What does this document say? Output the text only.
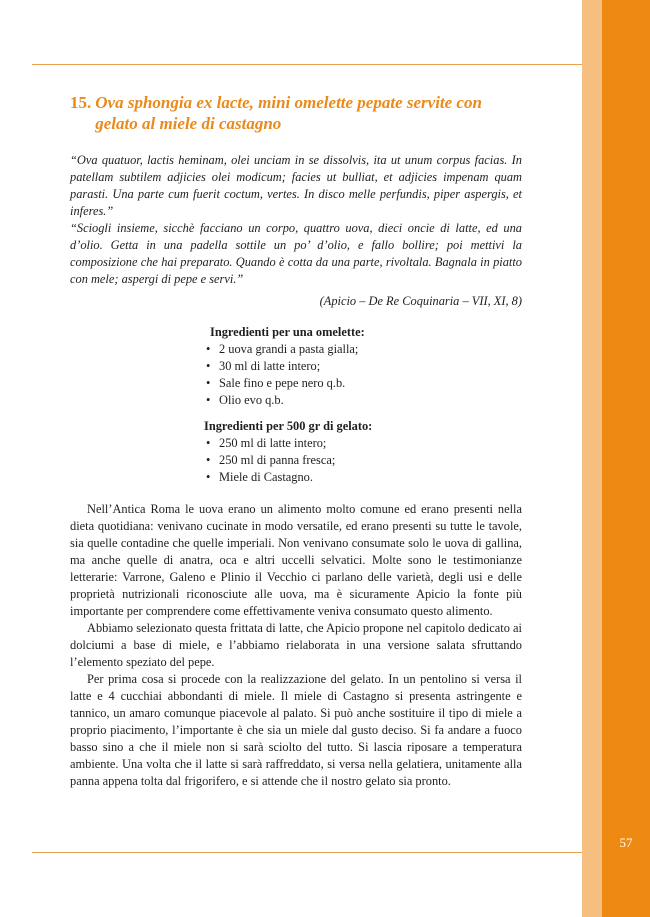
57
15. Ova sphongia ex lacte, mini omelette pepate servite con gelato al miele di castagno

“Ova quatuor, lactis heminam, olei unciam in se dissolvis, ita ut unum corpus facias. In patellam subtilem adjicies olei modicum; facies ut bulliat, et adjicies impenam quam parasti. Una parte cum fuerit coctum, vertes. In disco melle perfundis, piper aspergis, et inferes.”

“Sciogli insieme, sicchè facciano un corpo, quattro uova, dieci oncie di latte, ed una d’olio. Getta in una padella sottile un po’ d’olio, e fallo bollire; poi mettivi la composizione che hai preparato. Quando è cotta da una parte, rivoltala. Bagnala in piatto con mele; aspergi di pepe e servi.”

(Apicio – De Re Coquinaria – VII, XI, 8)
Ingredienti per una omelette:
• 2 uova grandi a pasta gialla;
• 30 ml di latte intero;
• Sale fino e pepe nero q.b.
• Olio evo q.b.
Ingredienti per 500 gr di gelato:
• 250 ml di latte intero;
• 250 ml di panna fresca;
• Miele di Castagno.

Nell’Antica Roma le uova erano un alimento molto comune ed erano presenti nella dieta quotidiana: venivano cucinate in modo versatile, ed erano presenti su tutte le tavole, sia quelle contadine che quelle imperiali. Non venivano consumate solo le uova di gallina, ma anche quelle di anatra, oca e altri uccelli selvatici. Molte sono le testimonianze letterarie: Varrone, Galeno e Plinio il Vecchio ci parlano delle varietà, degli usi e delle proprietà nutrizionali riconosciute alle uova, ma è sicuramente Apicio la fonte più importante per comprendere come effettivamente veniva consumato questo alimento.

Abbiamo selezionato questa frittata di latte, che Apicio propone nel capitolo dedicato ai dolciumi a base di miele, e l’abbiamo rielaborata in una versione salata sfruttando l’elemento speziato del pepe.

Per prima cosa si procede con la realizzazione del gelato. In un pentolino si versa il latte e 4 cucchiai abbondanti di miele. Il miele di Castagno si presenta astringente e tannico, un amaro comunque piacevole al palato. Si può anche sostituire il tipo di miele a proprio piacimento, l’importante è che sia un miele dal gusto deciso. Si fa andare a fuoco basso sino a che il miele non si sarà sciolto del tutto. Si lascia riposare a temperatura ambiente. Una volta che il latte si sarà raffreddato, si versa nella gelatiera, unitamente alla panna appena tolta dal frigorifero, e si attende che il nostro gelato sia pronto.
